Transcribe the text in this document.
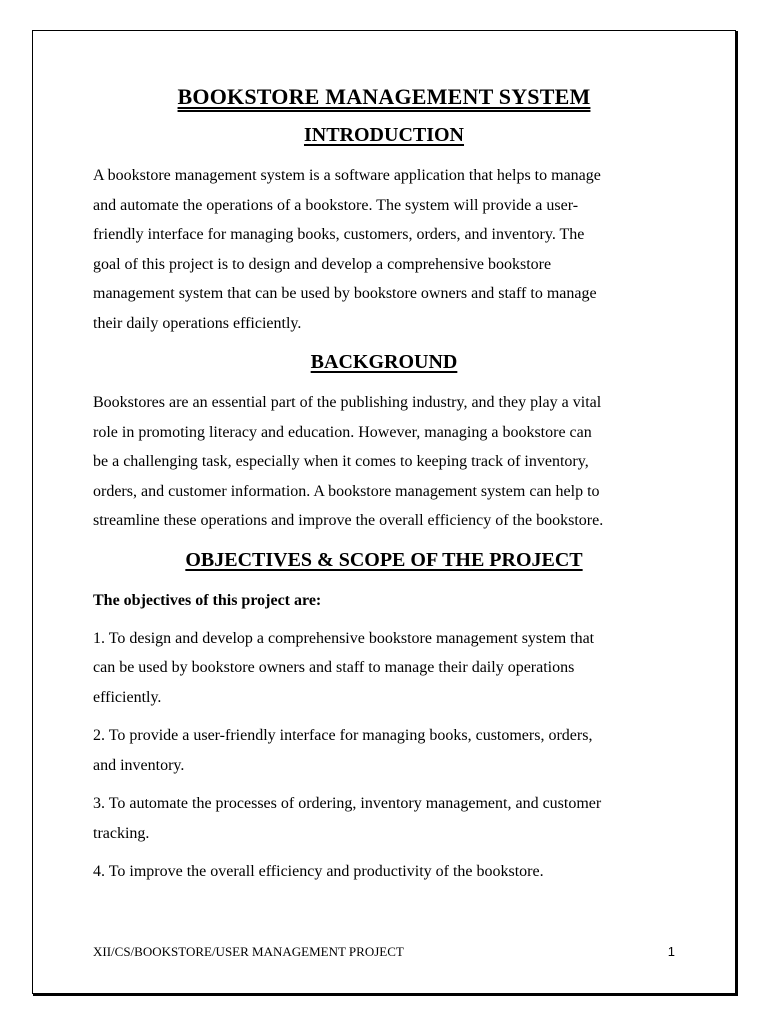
BOOKSTORE MANAGEMENT SYSTEM
INTRODUCTION
A bookstore management system is a software application that helps to manage
and automate the operations of a bookstore. The system will provide a user-
friendly interface for managing books, customers, orders, and inventory. The
goal of this project is to design and develop a comprehensive bookstore
management system that can be used by bookstore owners and staff to manage
their daily operations efficiently.
BACKGROUND
Bookstores are an essential part of the publishing industry, and they play a vital
role in promoting literacy and education. However, managing a bookstore can
be a challenging task, especially when it comes to keeping track of inventory,
orders, and customer information. A bookstore management system can help to
streamline these operations and improve the overall efficiency of the bookstore.
OBJECTIVES & SCOPE OF THE PROJECT
The objectives of this project are:
1. To design and develop a comprehensive bookstore management system that
can be used by bookstore owners and staff to manage their daily operations
efficiently.
2. To provide a user-friendly interface for managing books, customers, orders,
and inventory.
3. To automate the processes of ordering, inventory management, and customer
tracking.
4. To improve the overall efficiency and productivity of the bookstore.
XII/CS/BOOKSTORE/USER MANAGEMENT PROJECT	1
